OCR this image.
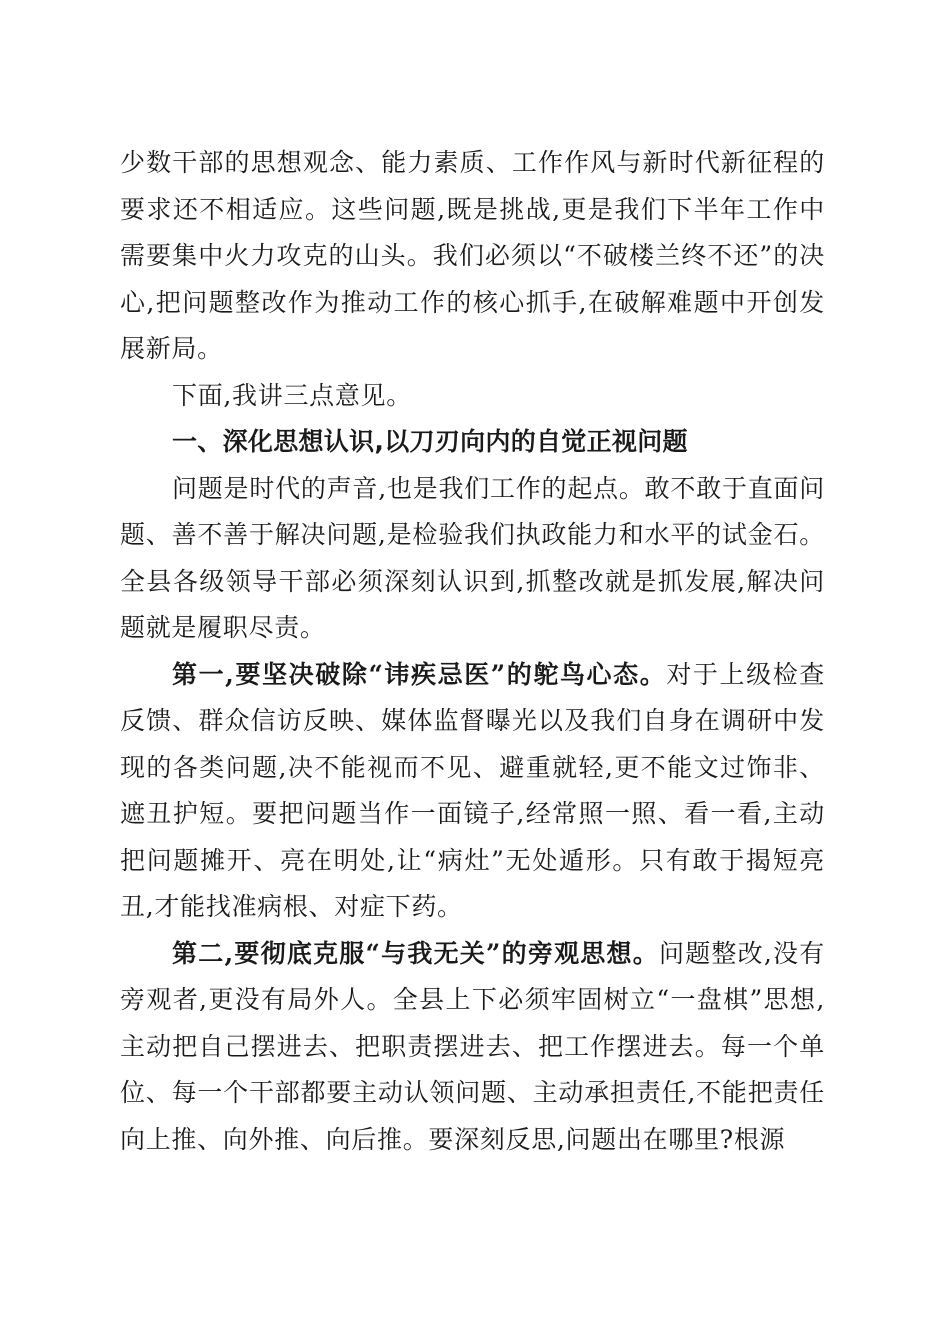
少数干部的思想观念、能力素质、工作作风与新时代新征程的要求还不相适应。这些问题,既是挑战,更是我们下半年工作中需要集中火力攻克的山头。我们必须以“不破楼兰终不还”的决心,把问题整改作为推动工作的核心抓手,在破解难题中开创发展新局。

下面,我讲三点意见。

一、深化思想认识,以刀刃向内的自觉正视问题

问题是时代的声音,也是我们工作的起点。敢不敢于直面问题、善不善于解决问题,是检验我们执政能力和水平的试金石。全县各级领导干部必须深刻认识到,抓整改就是抓发展,解决问题就是履职尽责。

第一,要坚决破除“讳疾忌医”的鸵鸟心态。对于上级检查反馈、群众信访反映、媒体监督曝光以及我们自身在调研中发现的各类问题,决不能视而不见、避重就轻,更不能文过饰非、遮丑护短。要把问题当作一面镜子,经常照一照、看一看,主动把问题摊开、亮在明处,让“病灶”无处遁形。只有敢于揭短亮丑,才能找准病根、对症下药。

第二,要彻底克服“与我无关”的旁观思想。问题整改,没有旁观者,更没有局外人。全县上下必须牢固树立“一盘棋”思想,主动把自己摆进去、把职责摆进去、把工作摆进去。每一个单位、每一个干部都要主动认领问题、主动承担责任,不能把责任向上推、向外推、向后推。要深刻反思,问题出在哪里?根源
